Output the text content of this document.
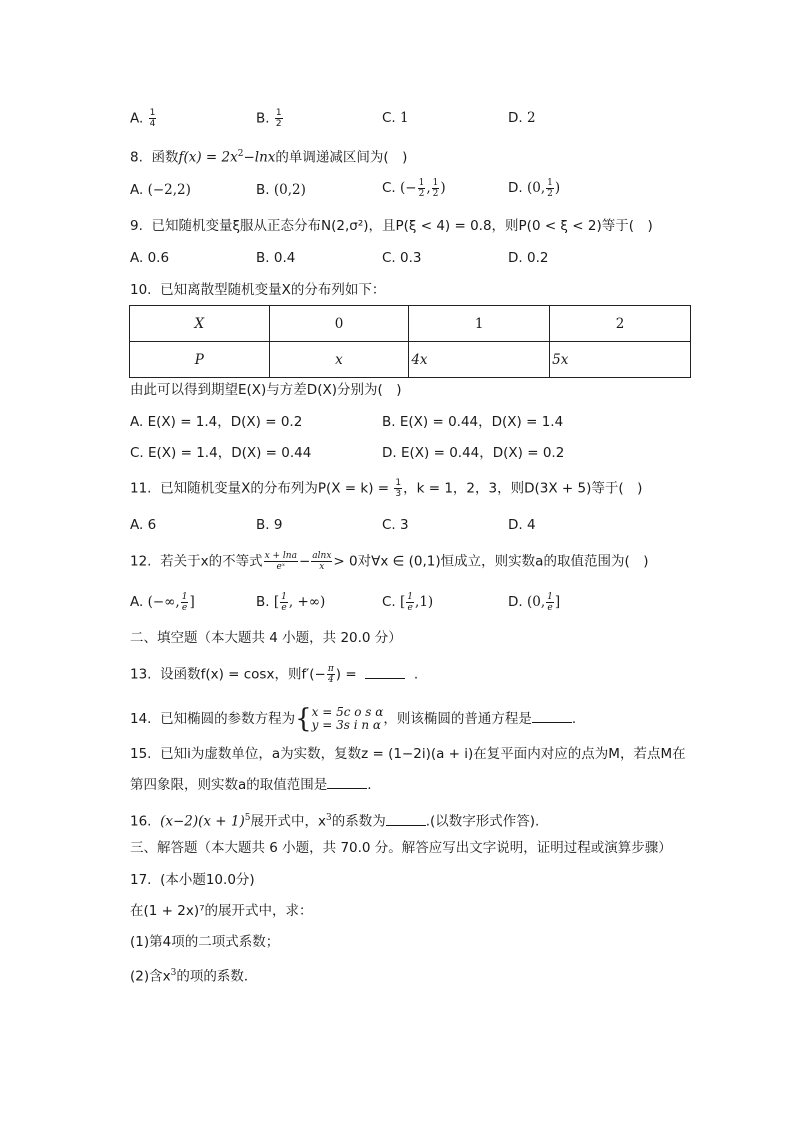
A. $\frac{1}{4}$	B. $\frac{1}{2}$	C. 1	D. 2
8. 函数$f(x) = 2x^2-\ln x$的单调递减区间为(　)
A. (−2,2)	B. (0,2)	C. (− $\frac{1}{2}$ , $\frac{1}{2}$ )	D. (0, $\frac{1}{2}$ )
9. 已知随机变量ξ服从正态分布N(2,σ²)，且P(ξ < 4) = 0.8，则P(0 < ξ < 2)等于(　)
A. 0.6	B. 0.4	C. 0.3	D. 0.2
10. 已知离散型随机变量X的分布列如下：
X	0	1	2
P	x	4x	5x
由此可以得到期望E(X)与方差D(X)分别为(　)
A. E(X) = 1.4，D(X) = 0.2	B. E(X) = 0.44，D(X) = 1.4
C. E(X) = 1.4，D(X) = 0.44	D. E(X) = 0.44，D(X) = 0.2
11. 已知随机变量X的分布列为$P(X = k) = \frac{1}{3}$ ，k = 1，2，3，则D(3X + 5)等于(　)
A. 6	B. 9	C. 3	D. 4
12. 若关于x的不等式 $\frac{x + \ln a}{\text{eˣ}} - \frac{alnx}{x} > 0$对∀x ∈ (0,1)恒成立，则实数a的取值范围为(　)
A. (−∞, $\frac{1}{e}$ ]	B. [ $\frac{1}{e}$ , +∞)	C. [ $\frac{1}{e} ,1$)	D. (0, $\frac{1}{e}$ ]
二、填空题（本大题共 4 小题，共 20.0 分）
13. 设函数f(x) = cosx，则$f'(- \frac{\pi}{4}$ ) =	.
14. 已知椭圆的参数方程为 { x = 5c o s α
y = 3s i n α ，则该椭圆的普通方程是	.
15. 已知i为虚数单位，a为实数，复数z = (1−2i)(a + i)在复平面内对应的点为M，若点M在
第四象限，则实数a的取值范围是	.
16. $(x-2)(x + 1)^5$展开式中，$x^3$的系数为	.(以数字形式作答).
三、解答题（本大题共 6 小题，共 70.0 分。解答应写出文字说明，证明过程或演算步骤）
17. (本小题10.0分)
在(1 + 2x)⁷的展开式中，求：
(1)第4项的二项式系数；
(2)含$x^3$的项的系数．
